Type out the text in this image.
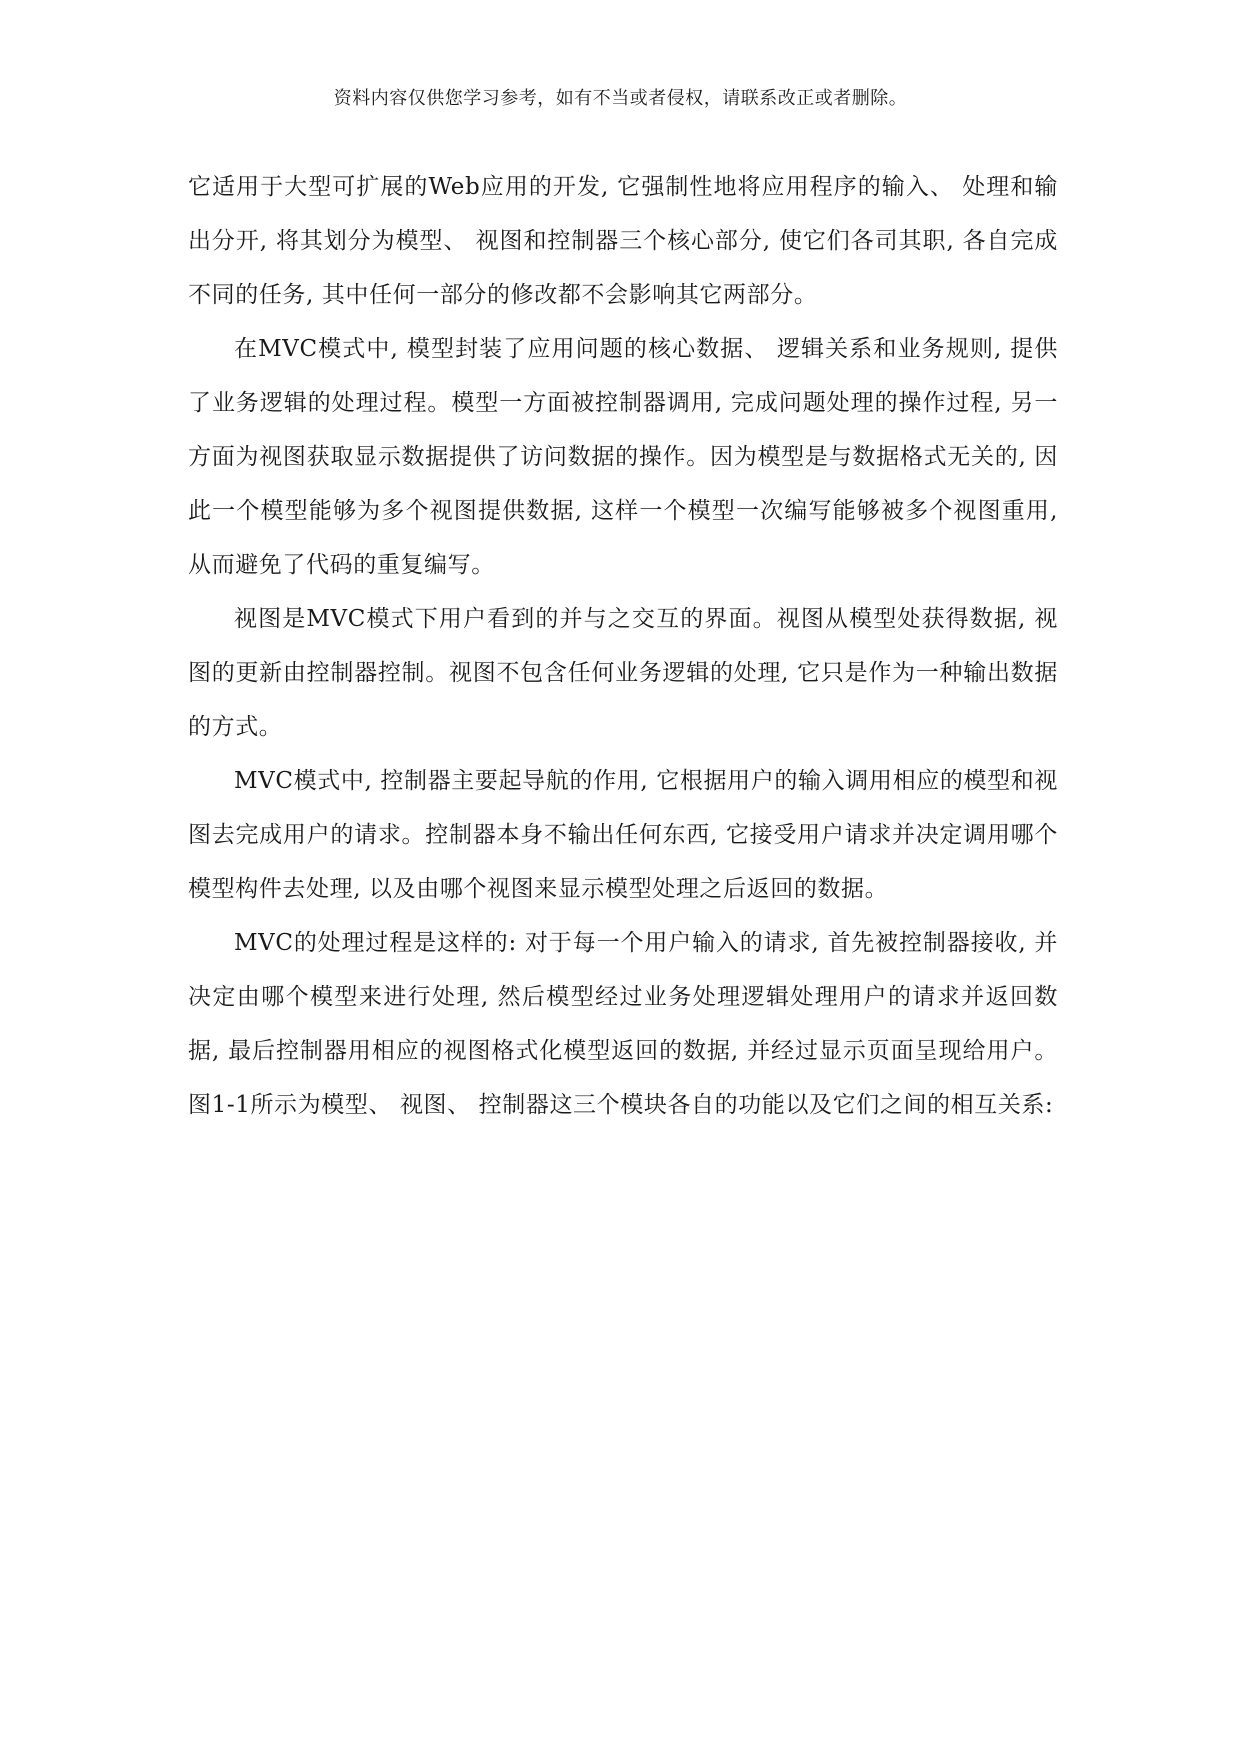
资料内容仅供您学习参考，如有不当或者侵权，请联系改正或者删除。

它适用于大型可扩展的Web应用的开发, 它强制性地将应用程序的输入、 处理和输出分开, 将其划分为模型、 视图和控制器三个核心部分, 使它们各司其职, 各自完成不同的任务, 其中任何一部分的修改都不会影响其它两部分。

在MVC模式中, 模型封装了应用问题的核心数据、 逻辑关系和业务规则, 提供了业务逻辑的处理过程。模型一方面被控制器调用, 完成问题处理的操作过程, 另一方面为视图获取显示数据提供了访问数据的操作。因为模型是与数据格式无关的, 因此一个模型能够为多个视图提供数据, 这样一个模型一次编写能够被多个视图重用, 从而避免了代码的重复编写。

视图是MVC模式下用户看到的并与之交互的界面。视图从模型处获得数据, 视图的更新由控制器控制。视图不包含任何业务逻辑的处理, 它只是作为一种输出数据的方式。

MVC模式中, 控制器主要起导航的作用, 它根据用户的输入调用相应的模型和视图去完成用户的请求。控制器本身不输出任何东西, 它接受用户请求并决定调用哪个模型构件去处理, 以及由哪个视图来显示模型处理之后返回的数据。

MVC的处理过程是这样的: 对于每一个用户输入的请求, 首先被控制器接收, 并决定由哪个模型来进行处理, 然后模型经过业务处理逻辑处理用户的请求并返回数据, 最后控制器用相应的视图格式化模型返回的数据, 并经过显示页面呈现给用户。图1-1所示为模型、 视图、 控制器这三个模块各自的功能以及它们之间的相互关系:
